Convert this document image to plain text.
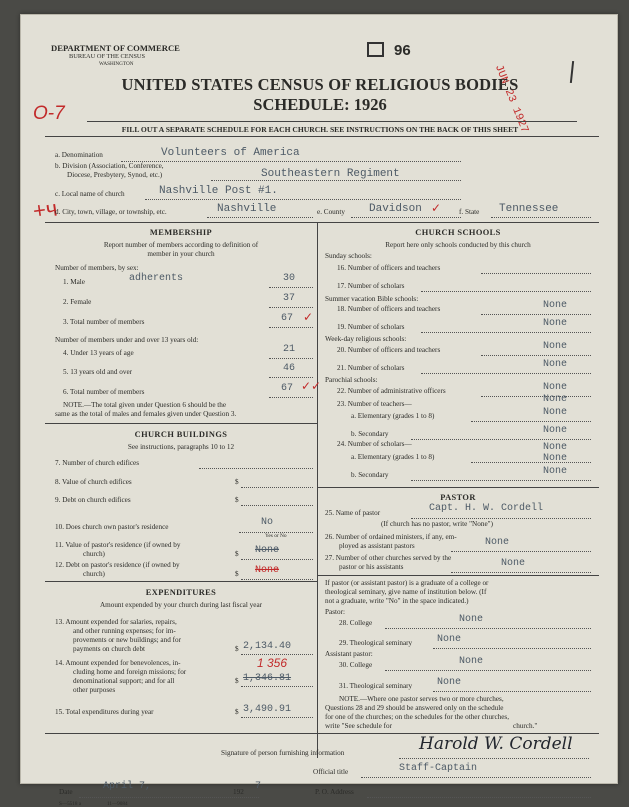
DEPARTMENT OF COMMERCE
BUREAU OF THE CENSUS
WASHINGTON
96
JUN 23 1927
O-7
UNITED STATES CENSUS OF RELIGIOUS BODIES
SCHEDULE: 1926
FILL OUT A SEPARATE SCHEDULE FOR EACH CHURCH. SEE INSTRUCTIONS ON THE BACK OF THIS SHEET
a. Denomination	Volunteers of America
b. Division (Association, Conference,
Diocese, Presbytery, Synod, etc.)	Southeastern Regiment
c. Local name of church	Nashville Post #1.
+ч
d. City, town, village, or township, etc.	Nashville	e. County Davidson ✓ f. State Tennessee
MEMBERSHIP
Report number of members according to definition of
member in your church
Number of members, by sex:
1. Male	adherents	30
2. Female	37
3. Total number of members	67 ✓
Number of members under and over 13 years old:
4. Under 13 years of age	21
5. 13 years old and over	46
6. Total number of members	67 ✓✓
NOTE.—The total given under Question 6 should be the
same as the total of males and females given under Question 3.
CHURCH BUILDINGS
See instructions, paragraphs 10 to 12
7. Number of church edifices
8. Value of church edifices	$
9. Debt on church edifices	$
10. Does church own pastor's residence	No
Yes or No
11. Value of pastor's residence (if owned by
church)	$ None
12. Debt on pastor's residence (if owned by
church)	$ None
EXPENDITURES
Amount expended by your church during last fiscal year
13. Amount expended for salaries, repairs,
and other running expenses; for im-
provements or new buildings; and for
payments on church debt	$ 2,134.40
14. Amount expended for benevolences, in-
cluding home and foreign missions; for
denominational support; and for all
other purposes
1 356
$ 1,346.81
15. Total expenditures during year	$ 3,490.91
CHURCH SCHOOLS
Report here only schools conducted by this church
Sunday schools:
16. Number of officers and teachers
17. Number of scholars
Summer vacation Bible schools:
18. Number of officers and teachers	None
19. Number of scholars	None
Week-day religious schools:
20. Number of officers and teachers	None
21. Number of scholars	None
Parochial schools:
22. Number of administrative officers	None
23. Number of teachers—	None
a. Elementary (grades 1 to 8)	None
b. Secondary	None
24. Number of scholars—	None
a. Elementary (grades 1 to 8)	None
b. Secondary	None
PASTOR
25. Name of pastor	Capt. H. W. Cordell
(If church has no pastor, write "None")
26. Number of ordained ministers, if any, em-
ployed as assistant pastors	None
27. Number of other churches served by the
pastor or his assistants	None
If pastor (or assistant pastor) is a graduate of a college or
theological seminary, give name of institution below. (If
not a graduate, write "No" in the space indicated.)
Pastor:
28. College	None
29. Theological seminary None
Assistant pastor:
30. College	None
31. Theological seminary None
NOTE.—Where one pastor serves two or more churches,
Questions 28 and 29 should be answered only on the schedule
for one of the churches; on the schedules for the other churches,
write "See schedule for	church."
Signature of person furnishing information	Harold W. Cordell
Official title	Staff-Captain
Date	April 7,	192 7	P. O. Address
S—5518 a	11—9084
